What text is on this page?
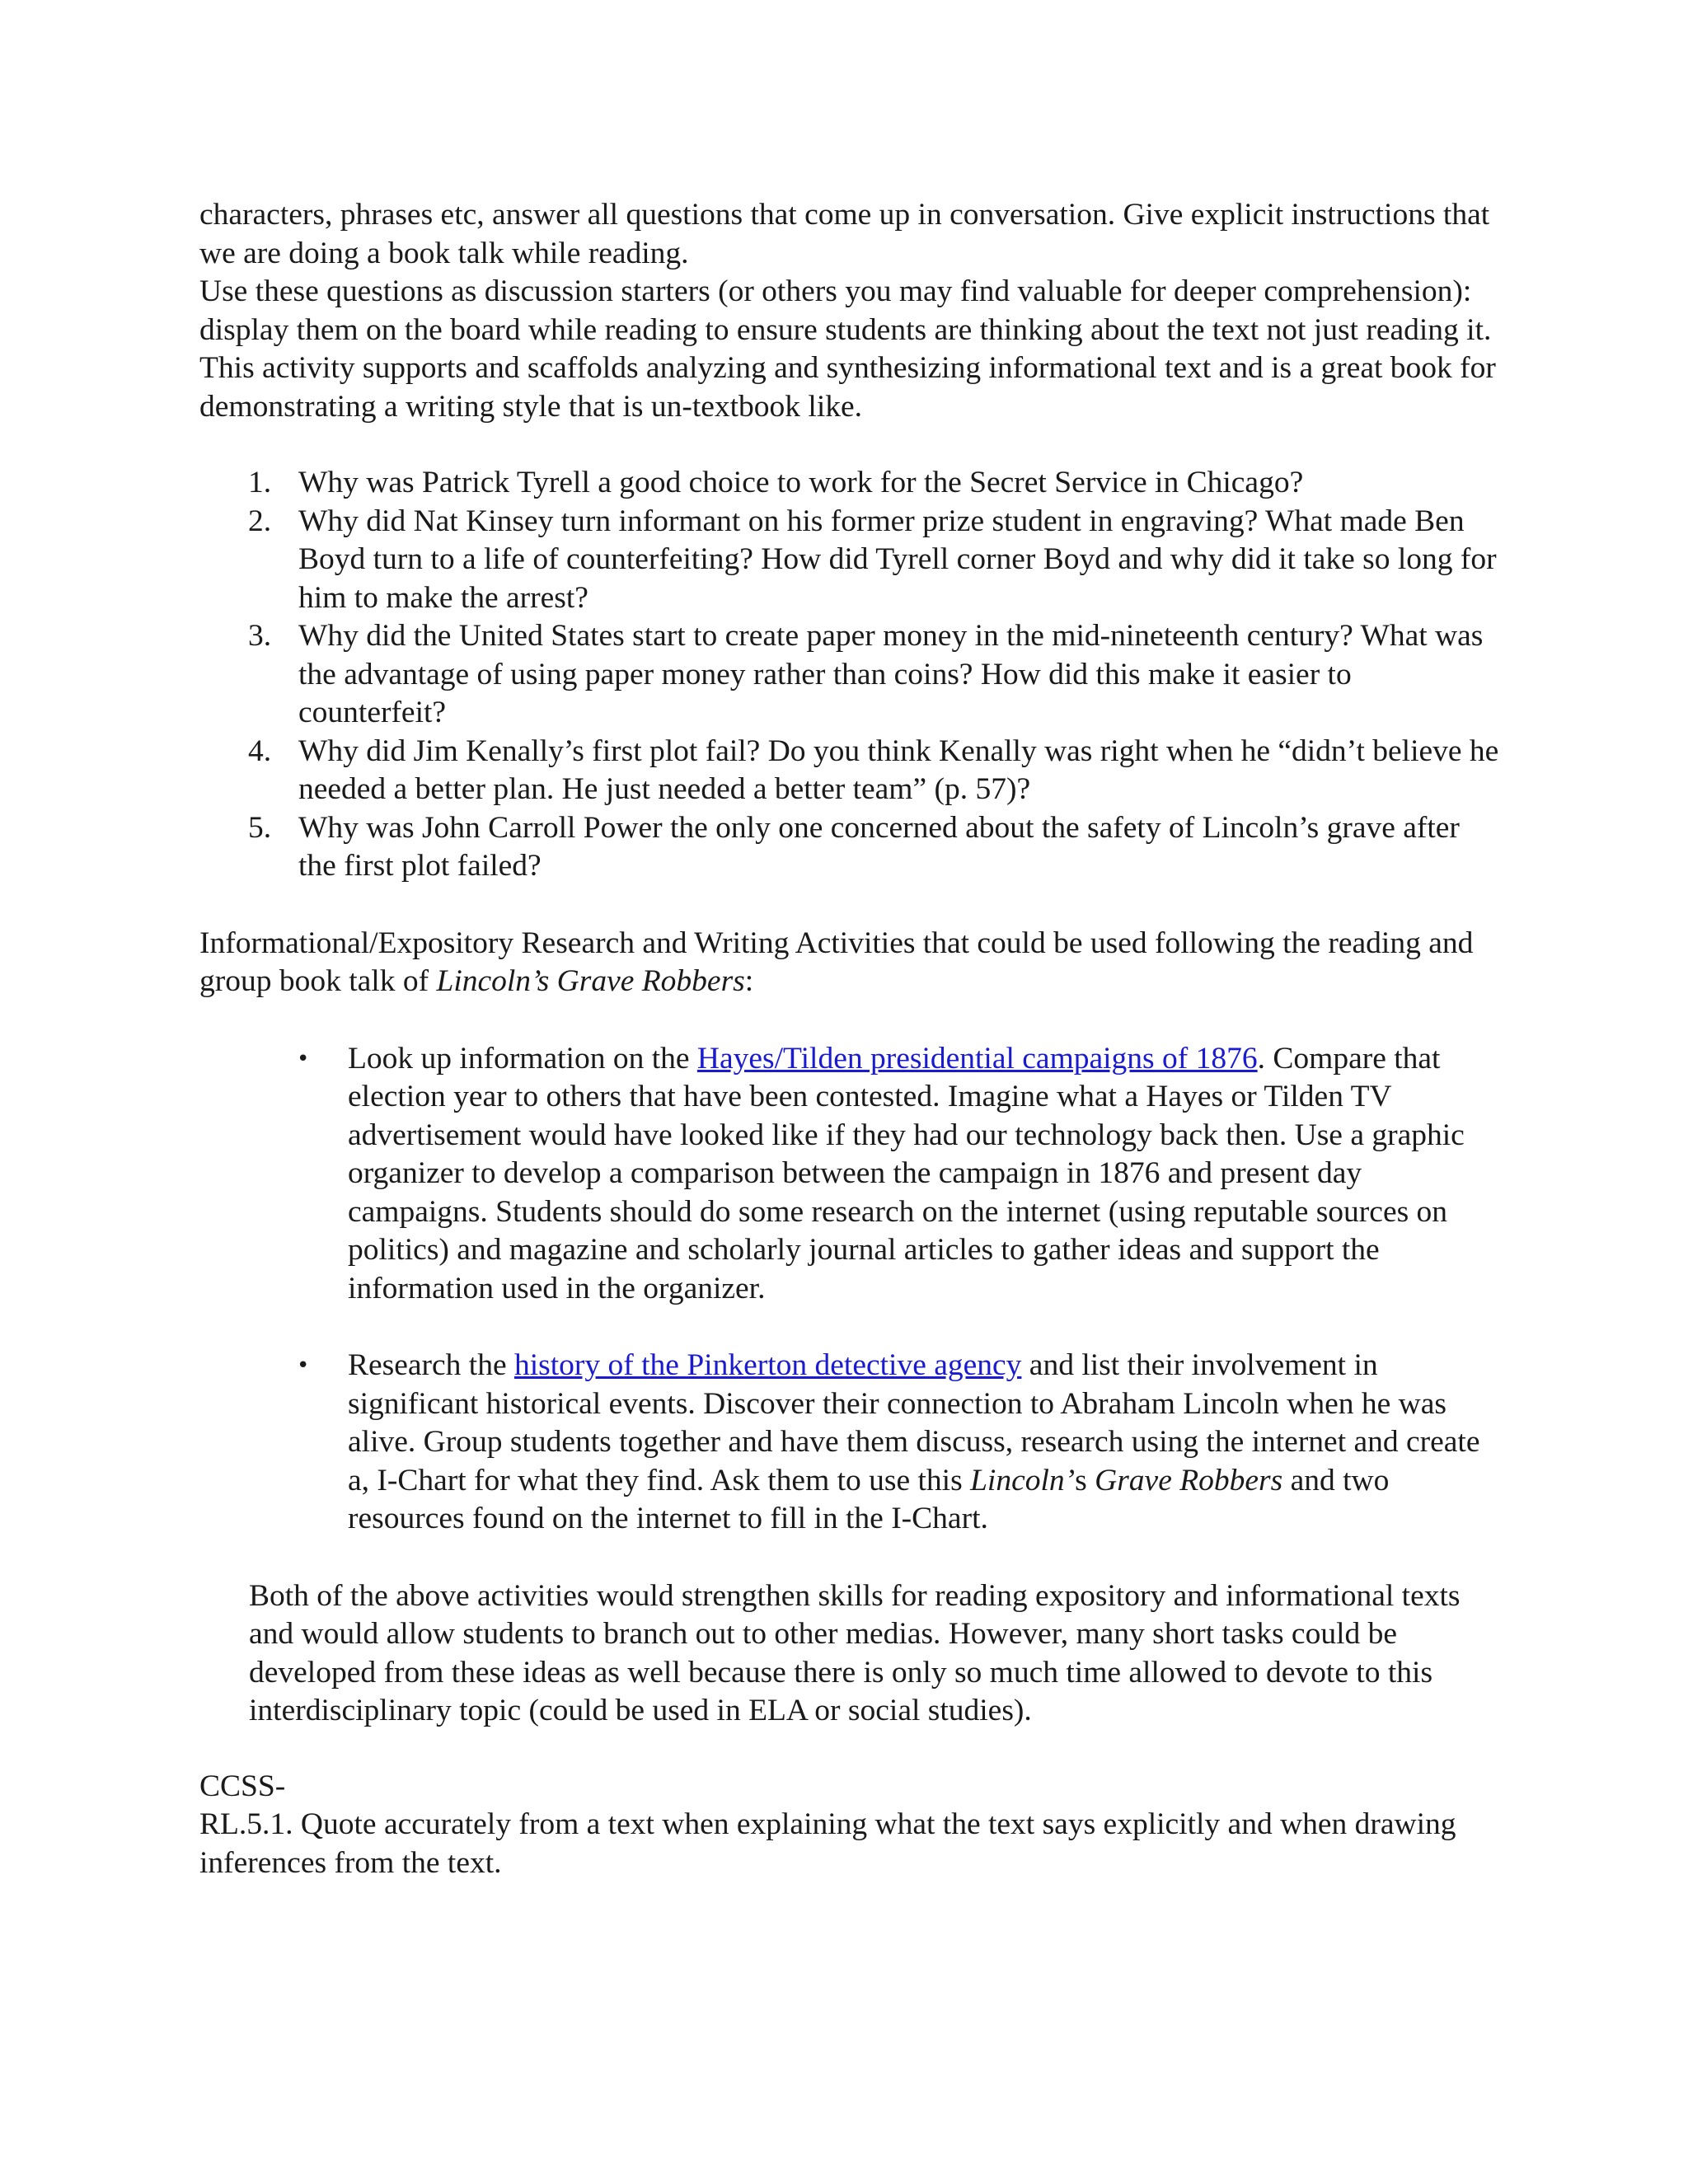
characters, phrases etc, answer all questions that come up in conversation. Give explicit instructions that we are doing a book talk while reading.

Use these questions as discussion starters (or others you may find valuable for deeper comprehension): display them on the board while reading to ensure students are thinking about the text not just reading it. This activity supports and scaffolds analyzing and synthesizing informational text and is a great book for demonstrating a writing style that is un-textbook like.

1. Why was Patrick Tyrell a good choice to work for the Secret Service in Chicago?
2. Why did Nat Kinsey turn informant on his former prize student in engraving? What made Ben Boyd turn to a life of counterfeiting? How did Tyrell corner Boyd and why did it take so long for him to make the arrest?
3. Why did the United States start to create paper money in the mid-nineteenth century? What was the advantage of using paper money rather than coins? How did this make it easier to counterfeit?
4. Why did Jim Kenally’s first plot fail? Do you think Kenally was right when he “didn’t believe he needed a better plan. He just needed a better team” (p. 57)?
5. Why was John Carroll Power the only one concerned about the safety of Lincoln’s grave after the first plot failed?

Informational/Expository Research and Writing Activities that could be used following the reading and group book talk of Lincoln’s Grave Robbers:

• Look up information on the Hayes/Tilden presidential campaigns of 1876. Compare that election year to others that have been contested. Imagine what a Hayes or Tilden TV advertisement would have looked like if they had our technology back then. Use a graphic organizer to develop a comparison between the campaign in 1876 and present day campaigns. Students should do some research on the internet (using reputable sources on politics) and magazine and scholarly journal articles to gather ideas and support the information used in the organizer.
• Research the history of the Pinkerton detective agency and list their involvement in significant historical events. Discover their connection to Abraham Lincoln when he was alive. Group students together and have them discuss, research using the internet and create a, I-Chart for what they find. Ask them to use this Lincoln’s Grave Robbers and two resources found on the internet to fill in the I-Chart.

Both of the above activities would strengthen skills for reading expository and informational texts and would allow students to branch out to other medias. However, many short tasks could be developed from these ideas as well because there is only so much time allowed to devote to this interdisciplinary topic (could be used in ELA or social studies).

CCSS-

RL.5.1. Quote accurately from a text when explaining what the text says explicitly and when drawing inferences from the text.
